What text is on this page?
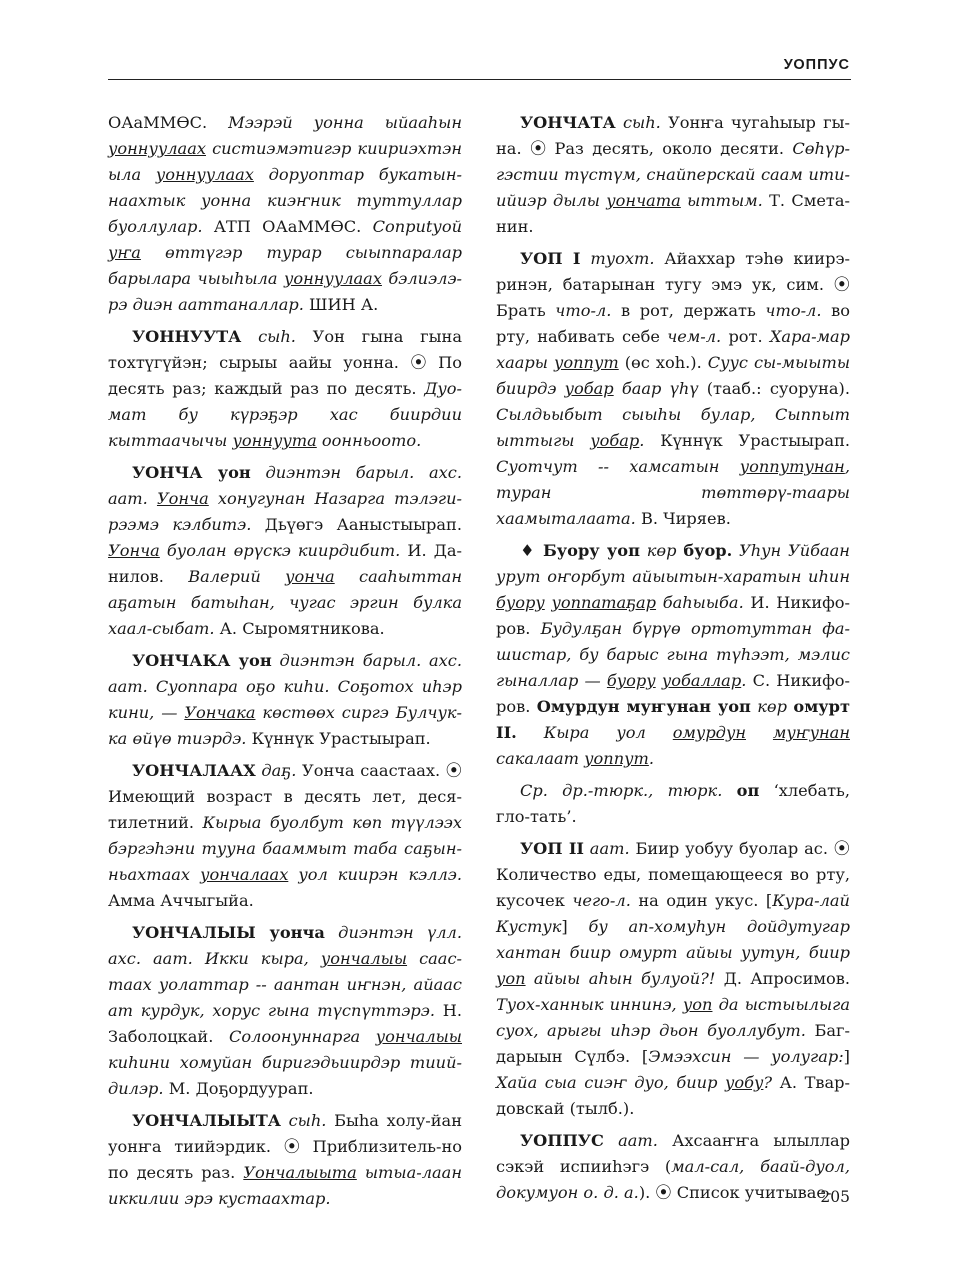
УОППУС

ОАаММӨС. Мээрэй уонна ыйааһын уоннуулаах систиэмэтигэр киириэхтэн ыла уоннуулаах доруоптар букатын-наахтык уонна киэҥник туттуллар буоллулар. АТП ОАаММӨС. Сопputуой уҥа өттүгэр турар сыыппаралар барылара чыыһыла уоннуулаах бэлиэлэ-рэ диэн ааттаналлар. ШИН А.

УОННУУТА сыһ. Уон гына гына тохтүгүйэн; сырыы аайы уонна. ⦿ По десять раз; каждый раз по десять. Дуо-мат бу күрэҕэр хас биирдии кыттаачычы уоннуута оонньоото.

УОНЧА уон диэнтэн барыл. ахс. аат. Уонча хонугунан Назарга тэлэги-рээмэ кэлбитэ. Дьүөгэ Ааныстыырап. Уонча буолан өрүскэ киирдибит. И. Да-нилов. Валерий уонча сааһыттан аҕатын батыһан, чугас эргин булка хаал-сыбат. А. Сыромятникова.

УОНЧАКА уон диэнтэн барыл. ахс. аат. Суоппара оҕо киһи. Соҕотох иһэр кини, — Уончака көстөөх сиргэ Булчук-ка өйүө тиэрдэ. Күннүк Урастыырап.

УОНЧАЛААХ даҕ. Уонча саастаах. ⦿ Имеющий возраст в десять лет, деся-тилетний. Кырыа буолбут көп түүлээх бэргэһэни тууна бааммыт таба саҕын-ньахтаах уончалаах уол киирэн кэллэ. Амма Аччыгыйа.

УОНЧАЛЫЫ уонча диэнтэн үлл. ахс. аат. Икки кыра, уончалыы саас-таах уолаттар -- аантан иҥнэн, айаас ат курдук, хорус гына түспүттэрэ. Н. Заболоцкай. Солоонуннарга уончалыы киһини хомуйан биригэдьиирдэр тиий-дилэр. М. Доҕордуурап.

УОНЧАЛЫЫТА сыһ. Быһа холу-йан уонҥа тиийэрдик. ⦿ Приблизитель-но по десять раз. Уончалыыта ытыа-лаан иккилии эрэ кустаахтар.

УОНЧАТА сыһ. Уонҥа чугаһыыр гы-на. ⦿ Раз десять, около десяти. Сөһүр-гэстии түстүм, снайперскай саам ити-ийиэр дылы уончата ыттым. Т. Смета-нин.

УОП I туохт. Айаххар тэһө киирэ-ринэн, батарынан тугу эмэ ук, сим. ⦿ Брать что-л. в рот, держать что-л. во рту, набивать себе чем-л. рот. Хара-мар хаары уоппут (өс хоһ.). Суус сы-мыыты биирдэ уобар баар үһү (тааб.: суоруна). Сылдьыбыт сыыһы булар, Сыппыт ыттыгы уобар. Күннүк Урастыырап. Суотчут -- хамсатын уоппутунан, туран төттөрү-таары хаамыталаата. В. Чиряев.

♦ Буору уоп көр буор. Уһун Уйбаан урут оҥорбут айыытын-харатын иһин буору уоппатаҕар баһыыба. И. Никифо-ров. Будулҕан бүрүө ортотуттан фа-шистар, бу барыс гына түһээт, мэлис гыналлар — буору уобаллар. С. Никифо-ров. Омурдун муҥунан уоп көр омурт II. Кыра уол омурдун муҥунан сакалаат уоппут.

Ср. др.-тюрк., тюрк. оп ‘хлебать, гло-тать’.

УОП II аат. Биир уобуу буолар ас. ⦿ Количество еды, помещающееся во рту, кусочек чего-л. на один укус. [Кура-лай Кустук] бу ап-хомуһун дойдутугар хантан биир омурт айыы уутун, биир уоп айыы аһын булуой?! Д. Апросимов. Туох-ханнык иннинэ, уоп да ыстыылыга суох, арыгы иһэр дьон буоллубут. Баг-дарыын Сүлбэ. [Эмээхсин — уолугар:] Хайа сыа сиэҥ дуо, биир уобу? А. Твар-довскай (тылб.).

УОППУС аат. Ахсааҥҥа ылыллар сэкэй испииһэгэ (мал-сал, баай-дуол, докумуон о. д. а.). ⦿ Список учитывае-

205
